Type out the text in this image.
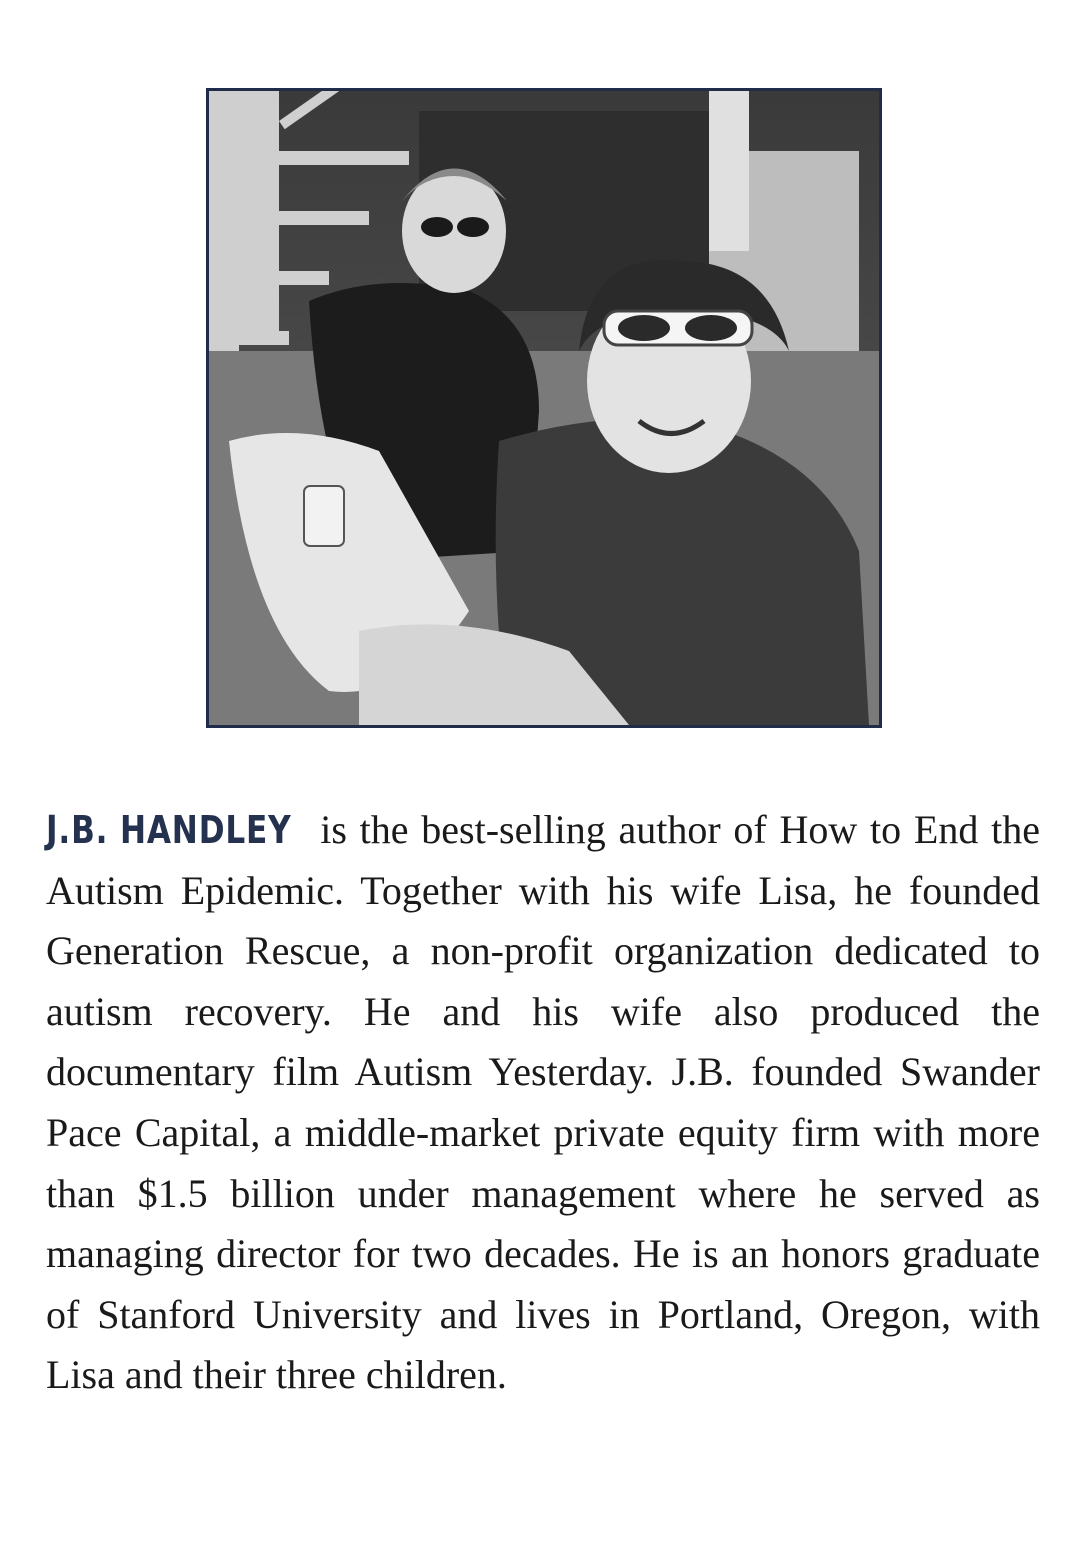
J.B. HANDLEY is the best-selling author of How to End the Autism Epidemic. Together with his wife Lisa, he founded Generation Rescue, a non-profit organization dedicated to autism recovery. He and his wife also produced the documentary film Autism Yesterday. J.B. founded Swander Pace Capital, a middle-market private equity firm with more than $1.5 billion under management where he served as managing director for two decades. He is an honors graduate of Stanford University and lives in Portland, Oregon, with Lisa and their three children.
